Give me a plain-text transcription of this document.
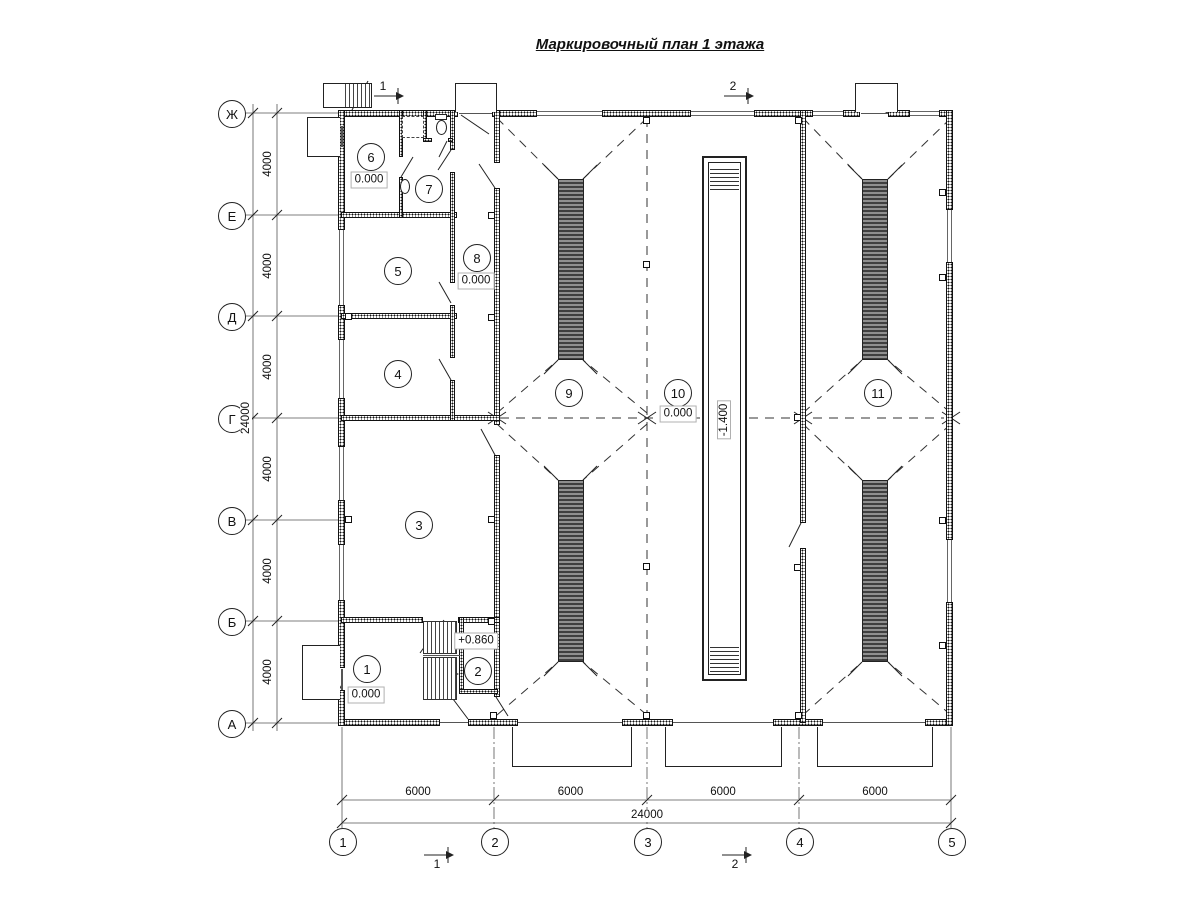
Маркировочный план 1 этажа
-1.400
Ж
Е
Д
Г
В
Б
А
1	2	3	4	5
1
0.000
2
+0.860
3
4
5
6
0.000
7
8
0.000
9	10
0.000
11
4000
4000
4000
4000
4000
4000
24000
6000	6000	6000	6000
24000
1	2
1	2
